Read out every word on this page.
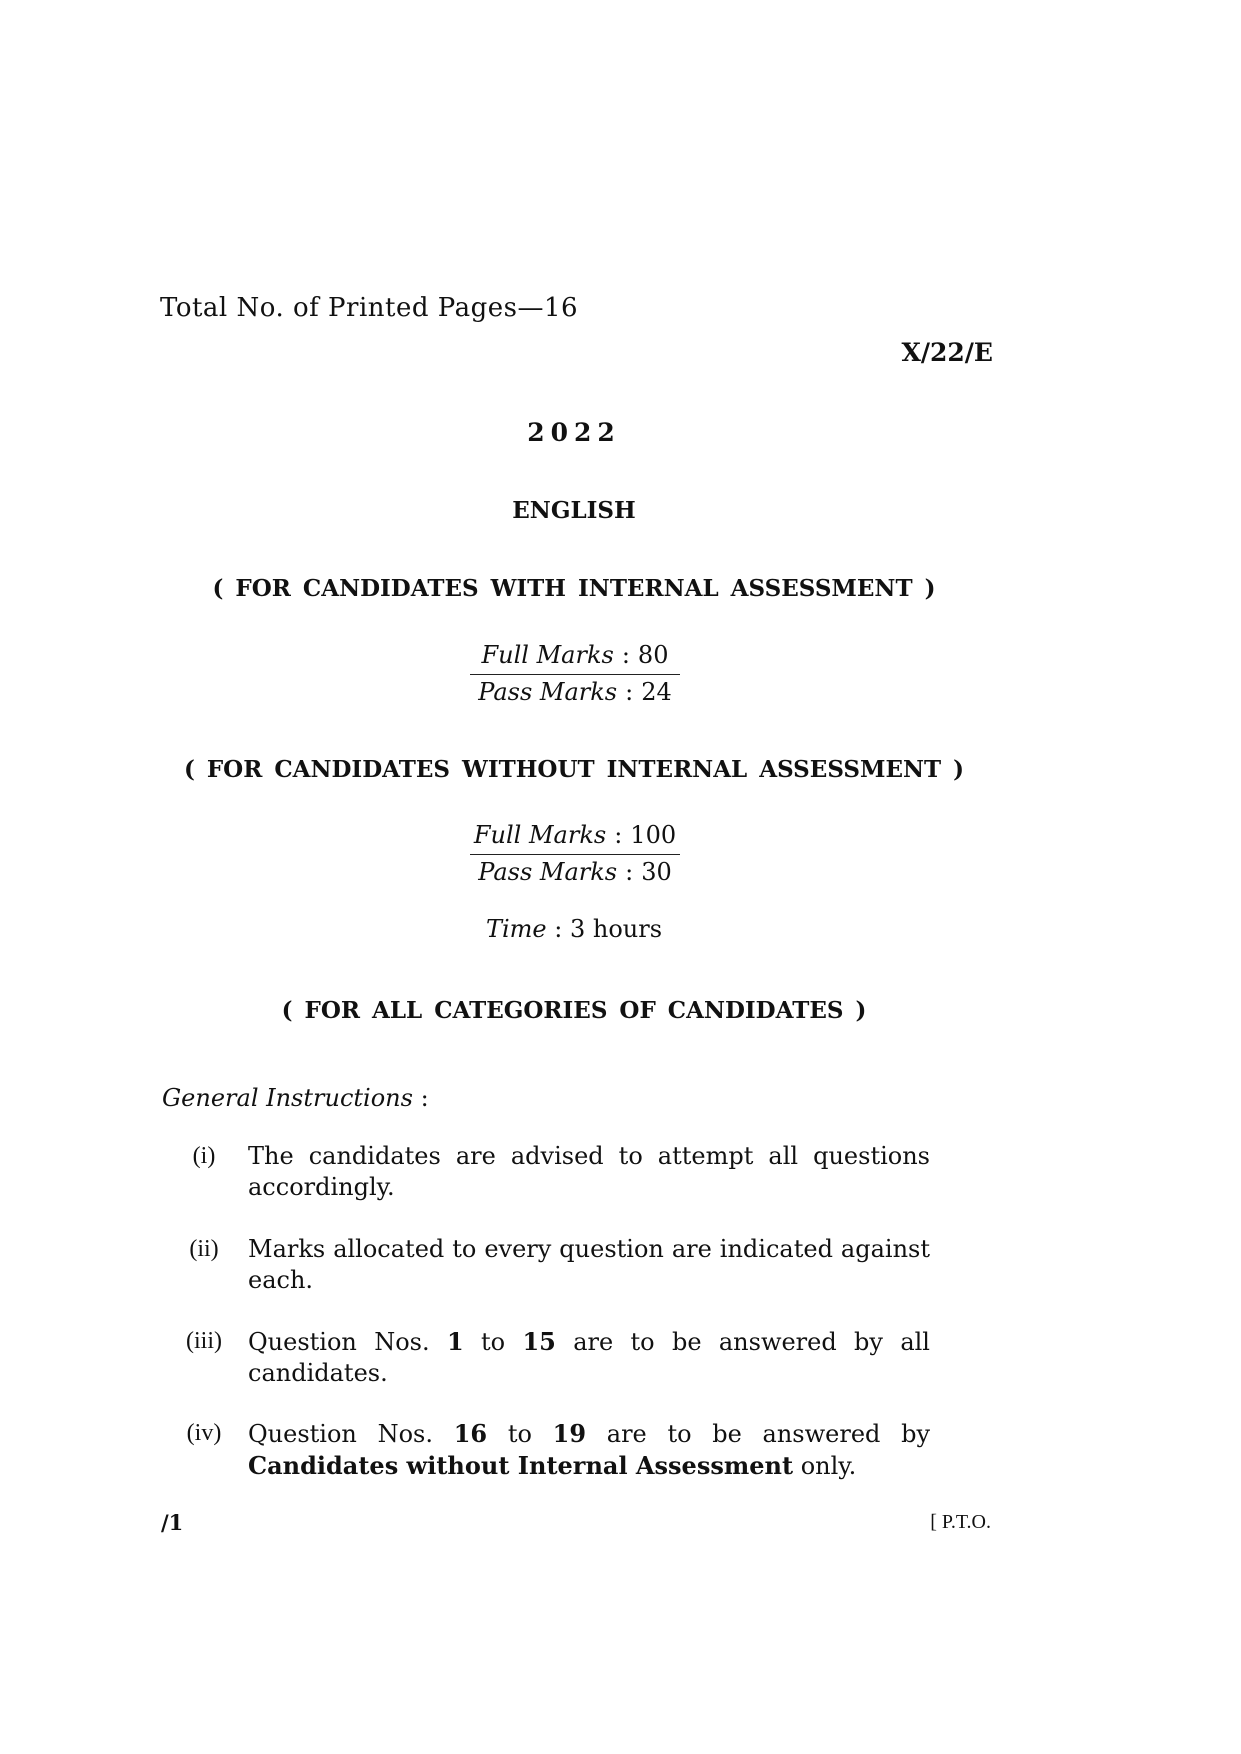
Total No. of Printed Pages—16
X/22/E
2022
ENGLISH
( FOR CANDIDATES WITH INTERNAL ASSESSMENT )
Full Marks : 80
Pass Marks : 24
( FOR CANDIDATES WITHOUT INTERNAL ASSESSMENT )
Full Marks : 100
Pass Marks : 30
Time : 3 hours
( FOR ALL CATEGORIES OF CANDIDATES )
General Instructions :
(i)	The candidates are advised to attempt all questions accordingly.
(ii)	Marks allocated to every question are indicated against each.
(iii)	Question Nos. 1 to 15 are to be answered by all candidates.
(iv)	Question Nos. 16 to 19 are to be answered by Candidates without Internal Assessment only.
/1	[ P.T.O.
